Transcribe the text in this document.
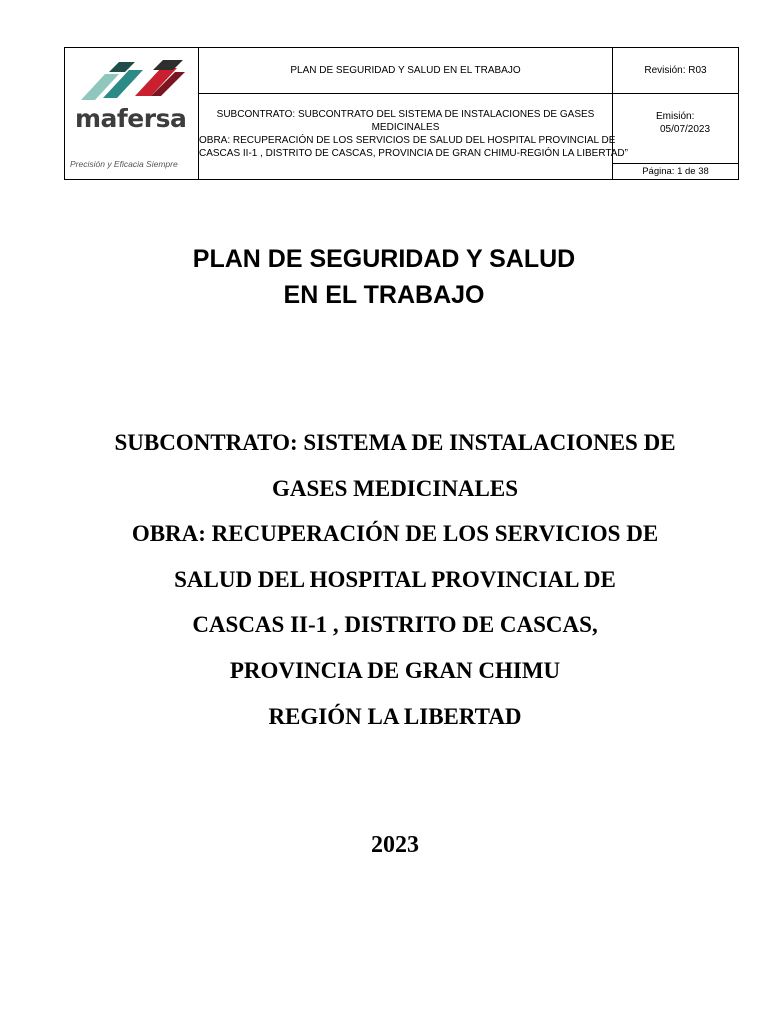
mafersa
Precisión y Eficacia Siempre
PLAN DE SEGURIDAD Y SALUD EN EL TRABAJO	Revisión: R03
SUBCONTRATO: SUBCONTRATO DEL SISTEMA DE INSTALACIONES DE GASES
MEDICINALES
OBRA: RECUPERACIÓN DE LOS SERVICIOS DE SALUD DEL HOSPITAL PROVINCIAL DE
CASCAS II-1 , DISTRITO DE CASCAS, PROVINCIA DE GRAN CHIMU-REGIÓN LA LIBERTAD”
Emisión:
05/07/2023
Página: 1 de 38
PLAN DE SEGURIDAD Y SALUD
EN EL TRABAJO
SUBCONTRATO: SISTEMA DE INSTALACIONES DE
GASES MEDICINALES
OBRA: RECUPERACIÓN DE LOS SERVICIOS DE
SALUD DEL HOSPITAL PROVINCIAL DE
CASCAS II-1 , DISTRITO DE CASCAS,
PROVINCIA DE GRAN CHIMU
REGIÓN LA LIBERTAD
2023
